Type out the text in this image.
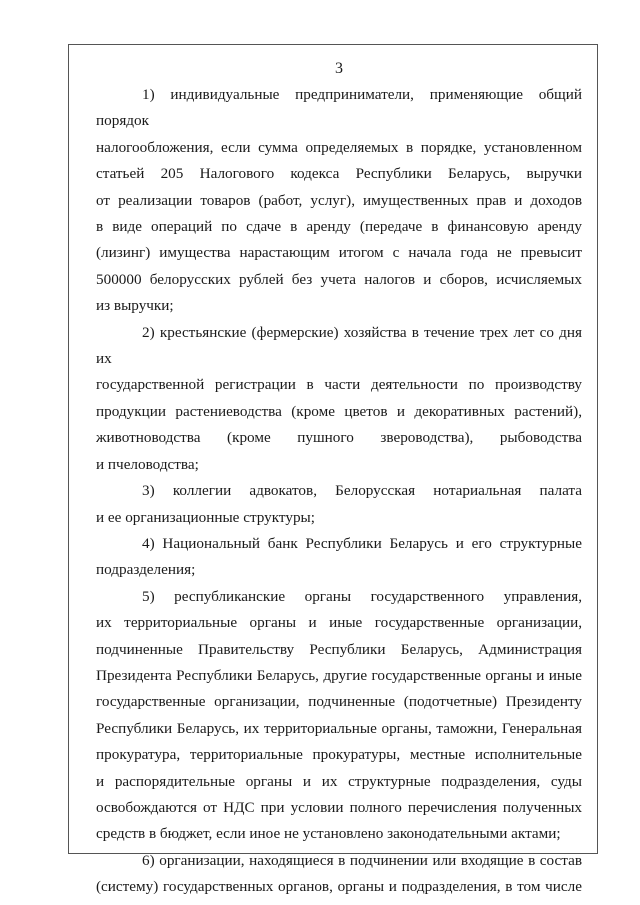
3
1) индивидуальные предприниматели, применяющие общий порядок
налогообложения, если сумма определяемых в порядке, установленном
статьей 205 Налогового кодекса Республики Беларусь, выручки
от реализации товаров (работ, услуг), имущественных прав и доходов
в виде операций по сдаче в аренду (передаче в финансовую аренду
(лизинг) имущества нарастающим итогом с начала года не превысит
500000 белорусских рублей без учета налогов и сборов, исчисляемых
из выручки;
2) крестьянские (фермерские) хозяйства в течение трех лет со дня их
государственной регистрации в части деятельности по производству
продукции растениеводства (кроме цветов и декоративных растений),
животноводства (кроме пушного звероводства), рыбоводства
и пчеловодства;
3) коллегии адвокатов, Белорусская нотариальная палата
и ее организационные структуры;
4) Национальный банк Республики Беларусь и его структурные
подразделения;
5) республиканские органы государственного управления,
их территориальные органы и иные государственные организации,
подчиненные Правительству Республики Беларусь, Администрация
Президента Республики Беларусь, другие государственные органы и иные
государственные организации, подчиненные (подотчетные) Президенту
Республики Беларусь, их территориальные органы, таможни, Генеральная
прокуратура, территориальные прокуратуры, местные исполнительные
и распорядительные органы и их структурные подразделения, суды
освобождаются от НДС при условии полного перечисления полученных
средств в бюджет, если иное не установлено законодательными актами;
6) организации, находящиеся в подчинении или входящие в состав
(систему) государственных органов, органы и подразделения, в том числе
